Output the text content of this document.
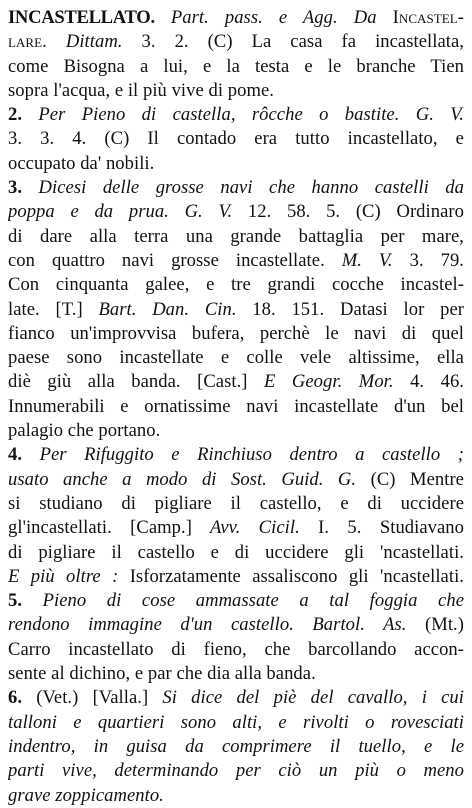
INCASTELLATO. Part. pass. e Agg. Da Incastel-
lare. Dittam. 3. 2. (C) La casa fa incastellata,
come Bisogna a lui, e la testa e le branche Tien
sopra l'acqua, e il più vive di pome.
2. Per Pieno di castella, rôcche o bastite. G. V.
3. 3. 4. (C) Il contado era tutto incastellato, e
occupato da' nobili.
3. Dicesi delle grosse navi che hanno castelli da
poppa e da prua. G. V. 12. 58. 5. (C) Ordinaro
di dare alla terra una grande battaglia per mare,
con quattro navi grosse incastellate. M. V. 3. 79.
Con cinquanta galee, e tre grandi cocche incastel-
late. [T.] Bart. Dan. Cin. 18. 151. Datasi lor per
fianco un'improvvisa bufera, perchè le navi di quel
paese sono incastellate e colle vele altissime, ella
diè giù alla banda. [Cast.] E Geogr. Mor. 4. 46.
Innumerabili e ornatissime navi incastellate d'un bel
palagio che portano.
4. Per Rifuggito e Rinchiuso dentro a castello ;
usato anche a modo di Sost. Guid. G. (C) Mentre
si studiano di pigliare il castello, e di uccidere
gl'incastellati. [Camp.] Avv. Cicil. I. 5. Studiavano
di pigliare il castello e di uccidere gli 'ncastellati.
E più oltre : Isforzatamente assaliscono gli 'ncastellati.
5. Pieno di cose ammassate a tal foggia che
rendono immagine d'un castello. Bartol. As. (Mt.)
Carro incastellato di fieno, che barcollando accon-
sente al dichino, e par che dia alla banda.
6. (Vet.) [Valla.] Si dice del piè del cavallo, i cui
talloni e quartieri sono alti, e rivolti o rovesciati
indentro, in guisa da comprimere il tuello, e le
parti vive, determinando per ciò un più o meno
grave zoppicamento.
